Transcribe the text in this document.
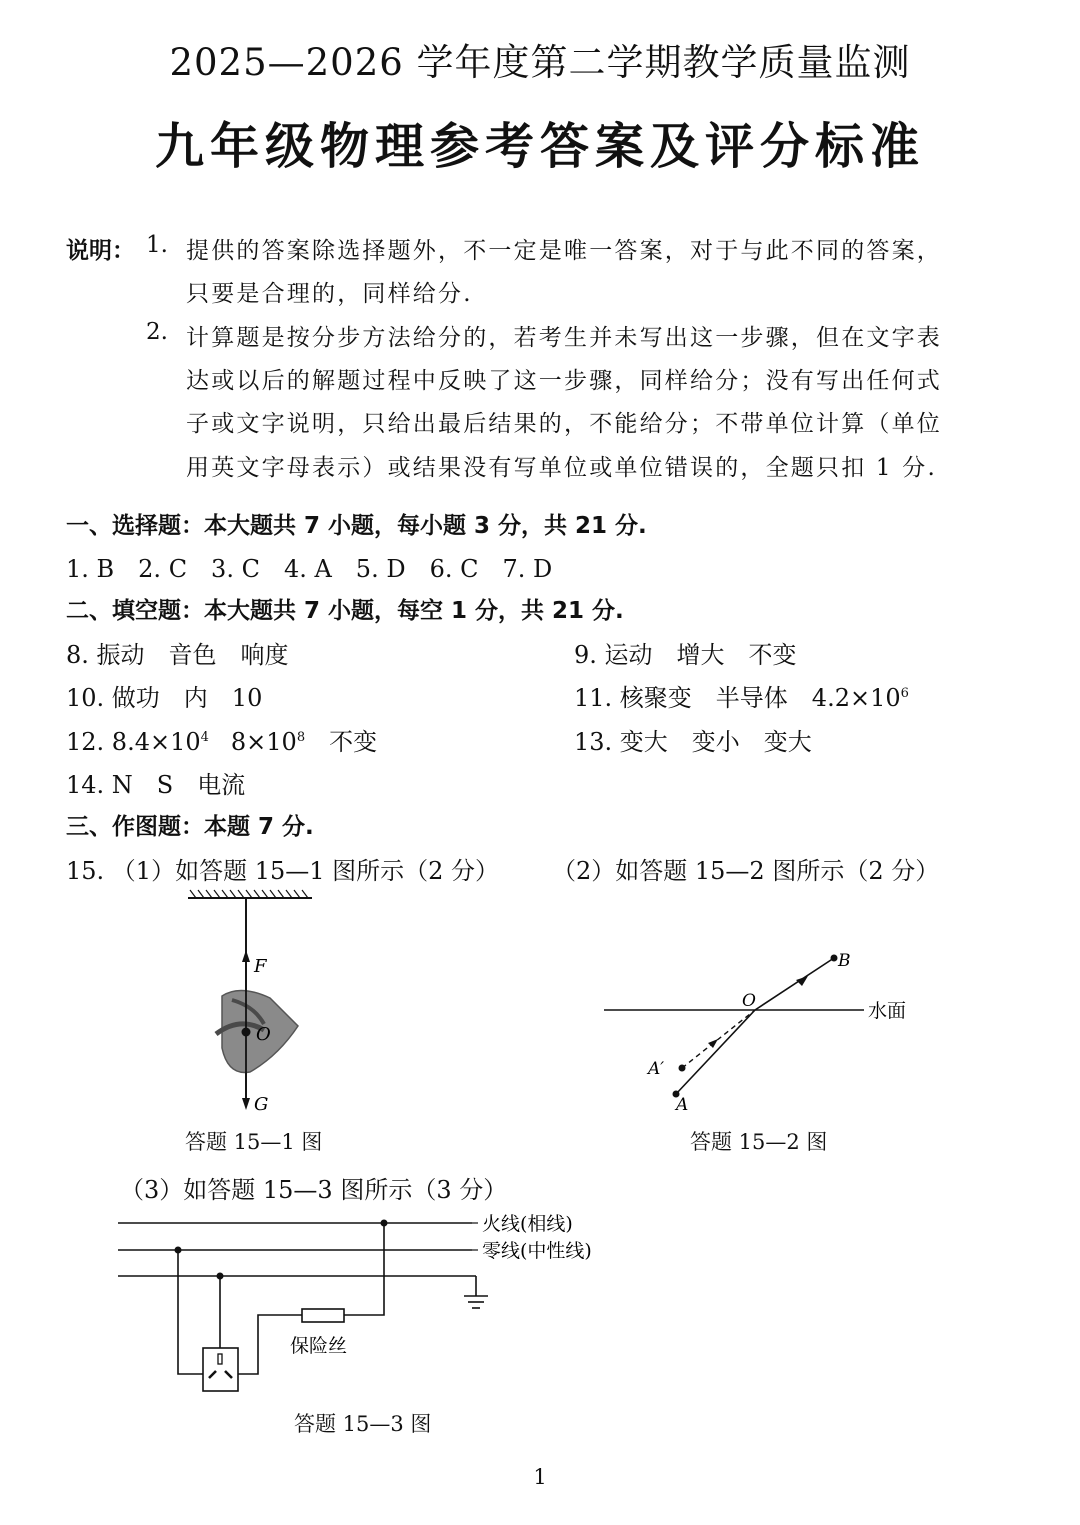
2025—2026 学年度第二学期教学质量监测
九年级物理参考答案及评分标准
说明： 1. 提供的答案除选择题外，不一定是唯一答案，对于与此不同的答案，
只要是合理的，同样给分.
2. 计算题是按分步方法给分的，若考生并未写出这一步骤，但在文字表
达或以后的解题过程中反映了这一步骤，同样给分；没有写出任何式
子或文字说明，只给出最后结果的，不能给分；不带单位计算（单位
用英文字母表示）或结果没有写单位或单位错误的，全题只扣 1 分.
一、选择题：本大题共 7 小题，每小题 3 分，共 21 分.
1. B　2. C　3. C　4. A　5. D　6. C　7. D
二、填空题：本大题共 7 小题，每空 1 分，共 21 分.
8. 振动　音色　响度	9. 运动　增大　不变
10. 做功　内　10	11. 核聚变　半导体　$4.2\times 10^6$
12. $8.4\times 10^4$ $8\times 10^8$ 不变	13. 变大　变小　变大
14. N　S　电流
三、作图题：本题 7 分.
15. （1）如答题 15—1 图所示（2 分） （2）如答题 15—2 图所示（2 分）
F
O
G
答题 15—1 图
B
O	水面
A′
A
答题 15—2 图
（3）如答题 15—3 图所示（3 分）
火线(相线)
零线(中性线)
保险丝
答题 15—3 图
1
